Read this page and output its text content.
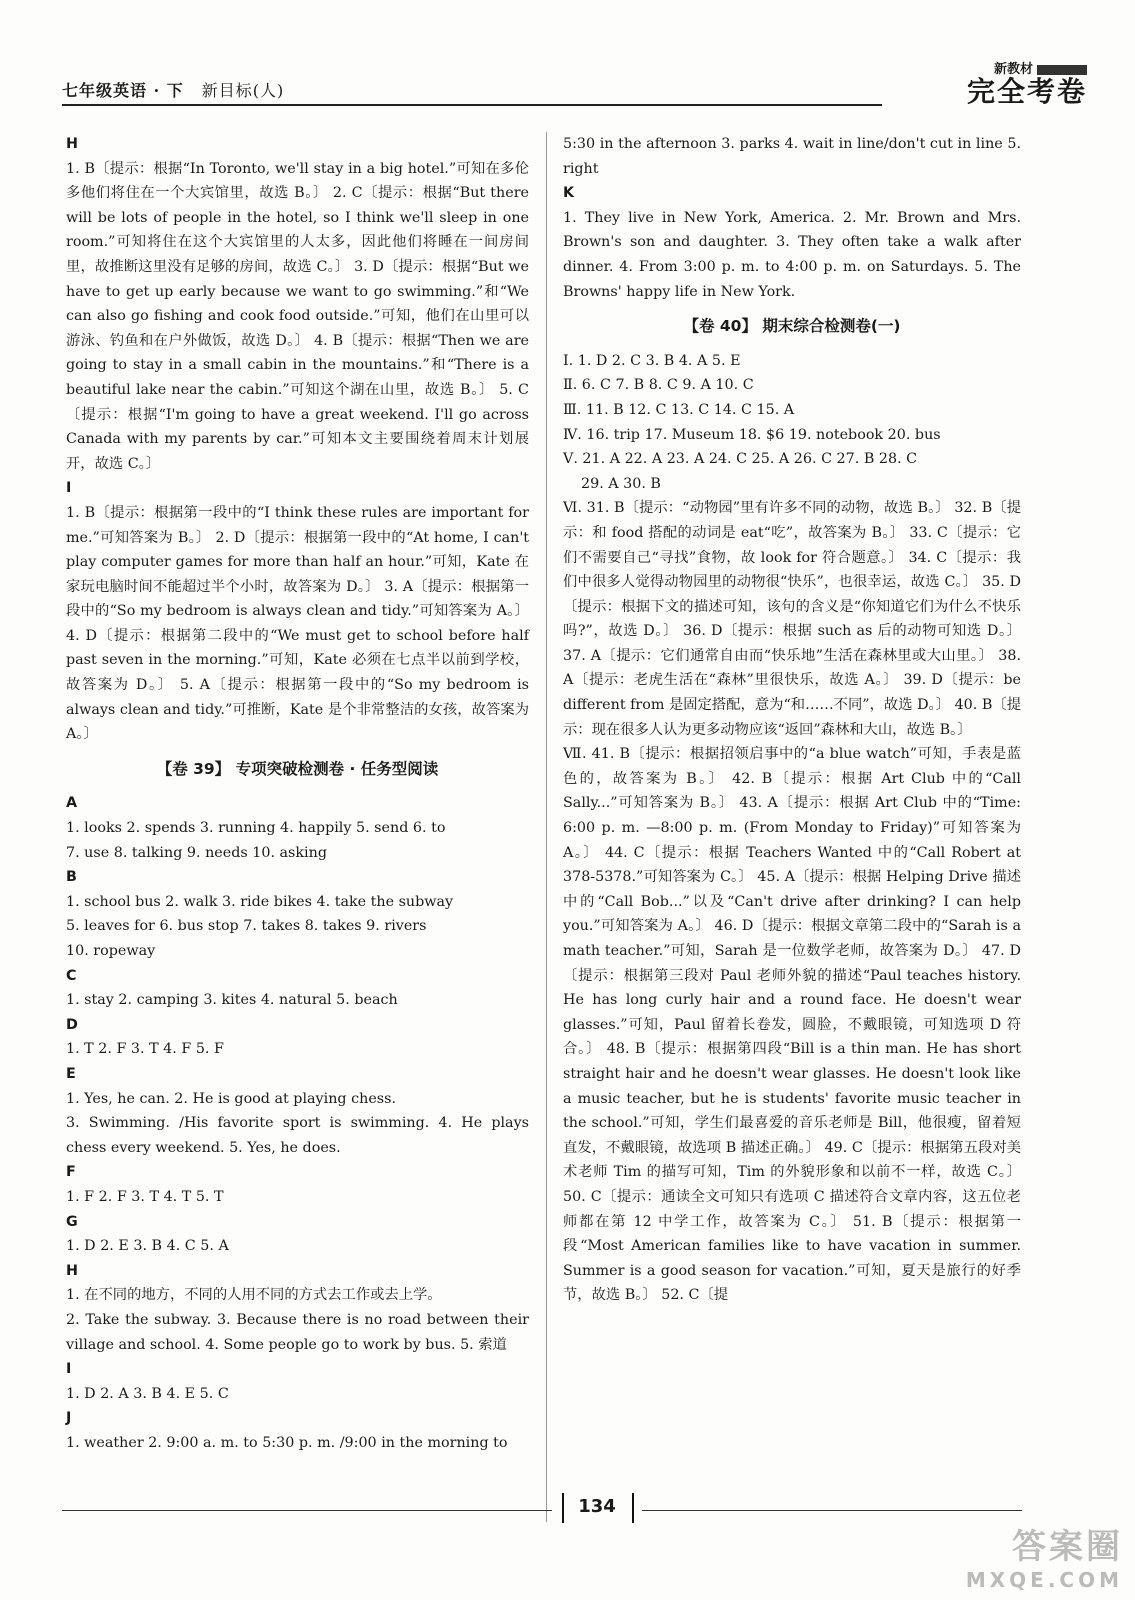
七年级英语 · 下 新目标(人)
新教材
完全考卷

H

1. B〔提示：根据“In Toronto, we'll stay in a big hotel.”可知在多伦多他们将住在一个大宾馆里，故选 B。〕 2. C〔提示：根据“But there will be lots of people in the hotel, so I think we'll sleep in one room.”可知将住在这个大宾馆里的人太多，因此他们将睡在一间房间里，故推断这里没有足够的房间，故选 C。〕 3. D〔提示：根据“But we have to get up early because we want to go swimming.”和“We can also go fishing and cook food outside.”可知，他们在山里可以游泳、钓鱼和在户外做饭，故选 D。〕 4. B〔提示：根据“Then we are going to stay in a small cabin in the mountains.”和“There is a beautiful lake near the cabin.”可知这个湖在山里，故选 B。〕 5. C〔提示：根据“I'm going to have a great weekend. I'll go across Canada with my parents by car.”可知本文主要围绕着周末计划展开，故选 C。〕

I

1. B〔提示：根据第一段中的“I think these rules are important for me.”可知答案为 B。〕 2. D〔提示：根据第一段中的“At home, I can't play computer games for more than half an hour.”可知，Kate 在家玩电脑时间不能超过半个小时，故答案为 D。〕 3. A〔提示：根据第一段中的“So my bedroom is always clean and tidy.”可知答案为 A。〕 4. D〔提示：根据第二段中的“We must get to school before half past seven in the morning.”可知，Kate 必须在七点半以前到学校，故答案为 D。〕 5. A〔提示：根据第一段中的“So my bedroom is always clean and tidy.”可推断，Kate 是个非常整洁的女孩，故答案为 A。〕

【卷 39】 专项突破检测卷 · 任务型阅读

A

1. looks 2. spends 3. running 4. happily 5. send 6. to

7. use 8. talking 9. needs 10. asking

B

1. school bus 2. walk 3. ride bikes 4. take the subway

5. leaves for 6. bus stop 7. takes 8. takes 9. rivers

10. ropeway

C

1. stay 2. camping 3. kites 4. natural 5. beach

D

1. T 2. F 3. T 4. F 5. F

E

1. Yes, he can. 2. He is good at playing chess.

3. Swimming. /His favorite sport is swimming. 4. He plays chess every weekend. 5. Yes, he does.

F

1. F 2. F 3. T 4. T 5. T

G

1. D 2. E 3. B 4. C 5. A

H

1. 在不同的地方，不同的人用不同的方式去工作或去上学。

2. Take the subway. 3. Because there is no road between their village and school. 4. Some people go to work by bus. 5. 索道

I

1. D 2. A 3. B 4. E 5. C

J

1. weather 2. 9:00 a. m. to 5:30 p. m. /9:00 in the morning to

5:30 in the afternoon 3. parks 4. wait in line/don't cut in line 5. right

K

1. They live in New York, America. 2. Mr. Brown and Mrs. Brown's son and daughter. 3. They often take a walk after dinner. 4. From 3:00 p. m. to 4:00 p. m. on Saturdays. 5. The Browns' happy life in New York.

【卷 40】 期末综合检测卷(一)

Ⅰ. 1. D 2. C 3. B 4. A 5. E

Ⅱ. 6. C 7. B 8. C 9. A 10. C

Ⅲ. 11. B 12. C 13. C 14. C 15. A

Ⅳ. 16. trip 17. Museum 18. $6 19. notebook 20. bus

Ⅴ. 21. A 22. A 23. A 24. C 25. A 26. C 27. B 28. C

29. A 30. B

Ⅵ. 31. B〔提示：“动物园”里有许多不同的动物，故选 B。〕 32. B〔提示：和 food 搭配的动词是 eat“吃”，故答案为 B。〕 33. C〔提示：它们不需要自己“寻找”食物，故 look for 符合题意。〕 34. C〔提示：我们中很多人觉得动物园里的动物很“快乐”，也很幸运，故选 C。〕 35. D〔提示：根据下文的描述可知，该句的含义是“你知道它们为什么不快乐吗?”，故选 D。〕 36. D〔提示：根据 such as 后的动物可知选 D。〕 37. A〔提示：它们通常自由而“快乐地”生活在森林里或大山里。〕 38. A〔提示：老虎生活在“森林”里很快乐，故选 A。〕 39. D〔提示：be different from 是固定搭配，意为“和……不同”，故选 D。〕 40. B〔提示：现在很多人认为更多动物应该“返回”森林和大山，故选 B。〕

Ⅶ. 41. B〔提示：根据招领启事中的“a blue watch”可知，手表是蓝色的，故答案为 B。〕 42. B〔提示：根据 Art Club 中的“Call Sally...”可知答案为 B。〕 43. A〔提示：根据 Art Club 中的“Time: 6:00 p. m. —8:00 p. m. (From Monday to Friday)”可知答案为 A。〕 44. C〔提示：根据 Teachers Wanted 中的“Call Robert at 378-5378.”可知答案为 C。〕 45. A〔提示：根据 Helping Drive 描述中的“Call Bob...”以及“Can't drive after drinking? I can help you.”可知答案为 A。〕 46. D〔提示：根据文章第二段中的“Sarah is a math teacher.”可知，Sarah 是一位数学老师，故答案为 D。〕 47. D〔提示：根据第三段对 Paul 老师外貌的描述“Paul teaches history. He has long curly hair and a round face. He doesn't wear glasses.”可知，Paul 留着长卷发，圆脸，不戴眼镜，可知选项 D 符合。〕 48. B〔提示：根据第四段“Bill is a thin man. He has short straight hair and he doesn't wear glasses. He doesn't look like a music teacher, but he is students' favorite music teacher in the school.”可知，学生们最喜爱的音乐老师是 Bill，他很瘦，留着短直发，不戴眼镜，故选项 B 描述正确。〕 49. C〔提示：根据第五段对美术老师 Tim 的描写可知，Tim 的外貌形象和以前不一样，故选 C。〕 50. C〔提示：通读全文可知只有选项 C 描述符合文章内容，这五位老师都在第 12 中学工作，故答案为 C。〕 51. B〔提示：根据第一段“Most American families like to have vacation in summer. Summer is a good season for vacation.”可知，夏天是旅行的好季节，故选 B。〕 52. C〔提

134
答案圈
MXQE.COM
